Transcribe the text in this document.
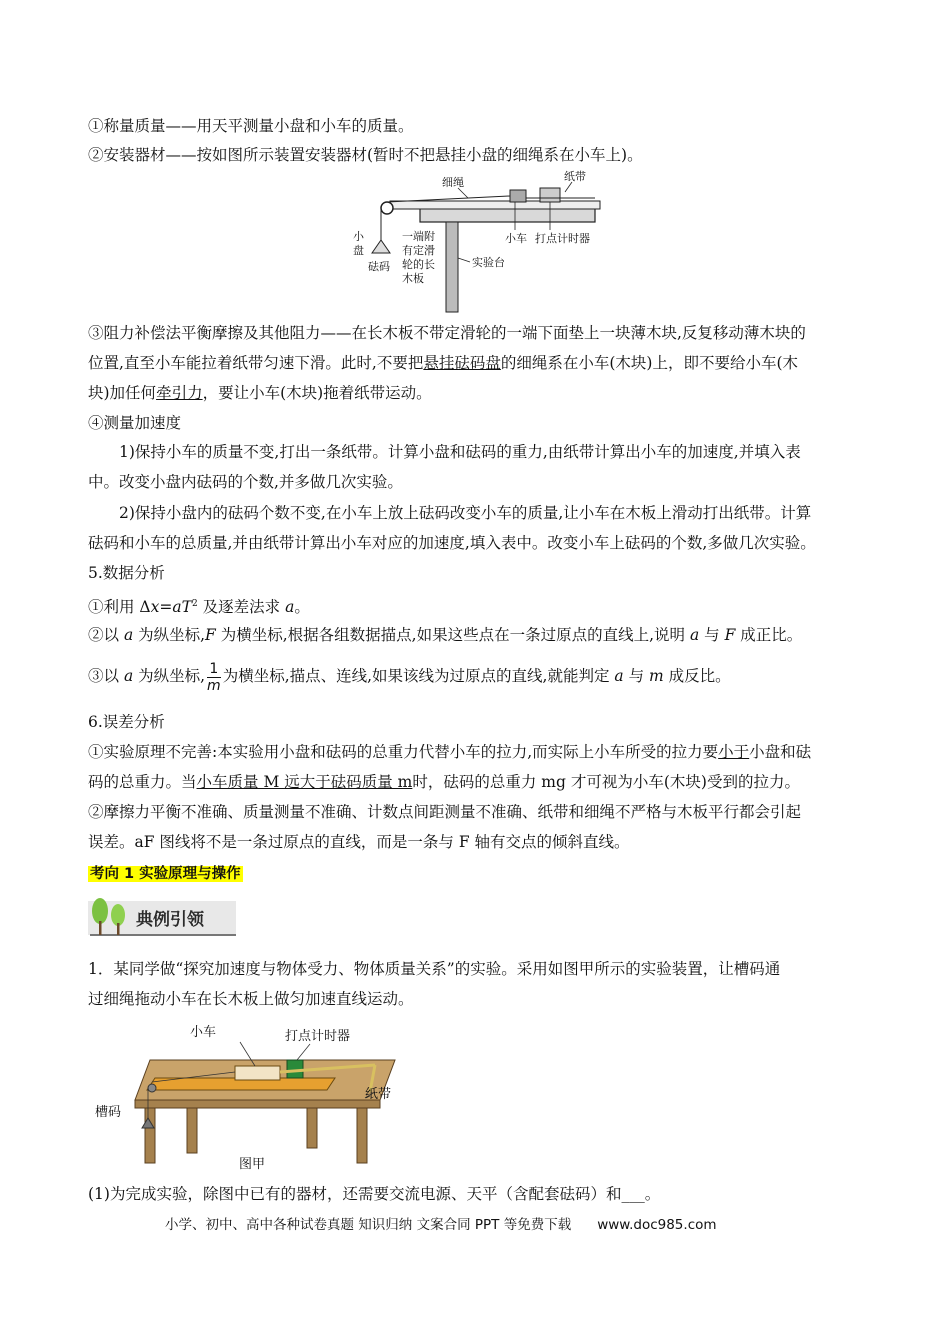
①称量质量——用天平测量小盘和小车的质量。
②安装器材——按如图所示装置安装器材(暂时不把悬挂小盘的细绳系在小车上)。
细绳	纸带
小车 打点计时器
小
盘
砝码
一端附
有定滑
轮的长
木板
实验台
③阻力补偿法平衡摩擦及其他阻力——在长木板不带定滑轮的一端下面垫上一块薄木块,反复移动薄木块的
位置,直至小车能拉着纸带匀速下滑。此时,不要把悬挂砝码盘的细绳系在小车(木块)上，即不要给小车(木
块)加任何牵引力，要让小车(木块)拖着纸带运动。
④测量加速度
1)保持小车的质量不变,打出一条纸带。计算小盘和砝码的重力,由纸带计算出小车的加速度,并填入表
中。改变小盘内砝码的个数,并多做几次实验。
2)保持小盘内的砝码个数不变,在小车上放上砝码改变小车的质量,让小车在木板上滑动打出纸带。计算
砝码和小车的总质量,并由纸带计算出小车对应的加速度,填入表中。改变小车上砝码的个数,多做几次实验。
5.数据分析
①利用 $\Delta x=aT^2$ 及逐差法求 a。
②以 a 为纵坐标,F 为横坐标,根据各组数据描点,如果这些点在一条过原点的直线上,说明 a 与 F 成正比。
③以 a 为纵坐标, $\frac{1}{m}$ 为横坐标,描点、连线,如果该线为过原点的直线,就能判定 a 与 m 成反比。
6.误差分析
①实验原理不完善:本实验用小盘和砝码的总重力代替小车的拉力,而实际上小车所受的拉力要小于小盘和砝
码的总重力。当小车质量 M 远大于砝码质量 m时，砝码的总重力 mg 才可视为小车(木块)受到的拉力。
②摩擦力平衡不准确、质量测量不准确、计数点间距测量不准确、纸带和细绳不严格与木板平行都会引起
误差。aF 图线将不是一条过原点的直线，而是一条与 F 轴有交点的倾斜直线。
考向 1 实验原理与操作
典例引领
1．某同学做“探究加速度与物体受力、物体质量关系”的实验。采用如图甲所示的实验装置，让槽码通
过细绳拖动小车在长木板上做匀加速直线运动。
小车	打点计时器
纸带
槽码
图甲
(1)为完成实验，除图中已有的器材，还需要交流电源、天平（含配套砝码）和___。
小学、初中、高中各种试卷真题 知识归纳 文案合同 PPT 等免费下载 www.doc985.com
